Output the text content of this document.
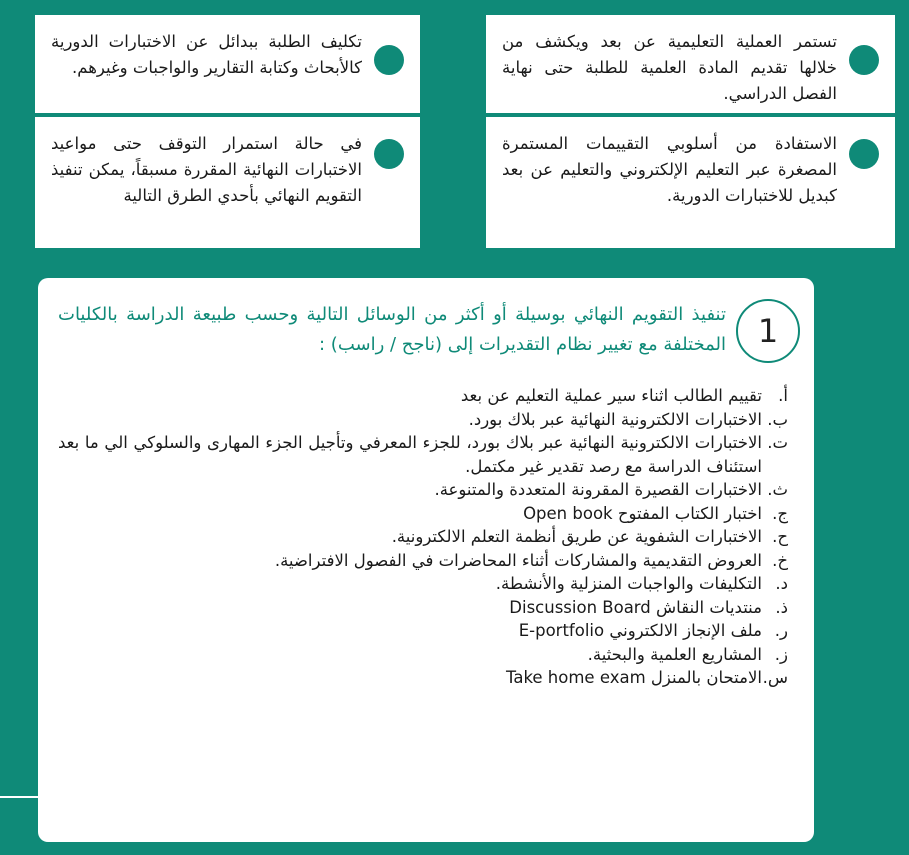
تستمر العملية التعليمية عن بعد ويكشف من خلالها تقديم المادة العلمية للطلبة حتى نهاية الفصل الدراسي.
الاستفادة من أسلوبي التقييمات المستمرة المصغرة عبر التعليم الإلكتروني والتعليم عن بعد كبديل للاختبارات الدورية.
تكليف الطلبة ببدائل عن الاختبارات الدورية كالأبحاث وكتابة التقارير والواجبات وغيرهم.
في حالة استمرار التوقف حتى مواعيد الاختبارات النهائية المقررة مسبقاً، يمكن تنفيذ التقويم النهائي بأحدي الطرق التالية
1
تنفيذ التقويم النهائي بوسيلة أو أكثر من الوسائل التالية وحسب طبيعة الدراسة بالكليات المختلفة مع تغيير نظام التقديرات إلى (ناجح / راسب) :
أ.
تقييم الطالب اثناء سير عملية التعليم عن بعد
ب.
الاختبارات الالكترونية النهائية عبر بلاك بورد.
ت.
الاختبارات الالكترونية النهائية عبر بلاك بورد، للجزء المعرفي وتأجيل الجزء المهارى والسلوكي الي ما بعد استئناف الدراسة مع رصد تقدير غير مكتمل.
ث.
الاختبارات القصيرة المقرونة المتعددة والمتنوعة.
ج.
اختبار الكتاب المفتوح Open book
ح.
الاختبارات الشفوية عن طريق أنظمة التعلم الالكترونية.
خ.
العروض التقديمية والمشاركات أثناء المحاضرات في الفصول الافتراضية.
د.
التكليفات والواجبات المنزلية والأنشطة.
ذ.
منتديات النقاش Discussion Board
ر.
ملف الإنجاز الالكتروني E-portfolio
ز.
المشاريع العلمية والبحثية.
س.
الامتحان بالمنزل Take home exam
